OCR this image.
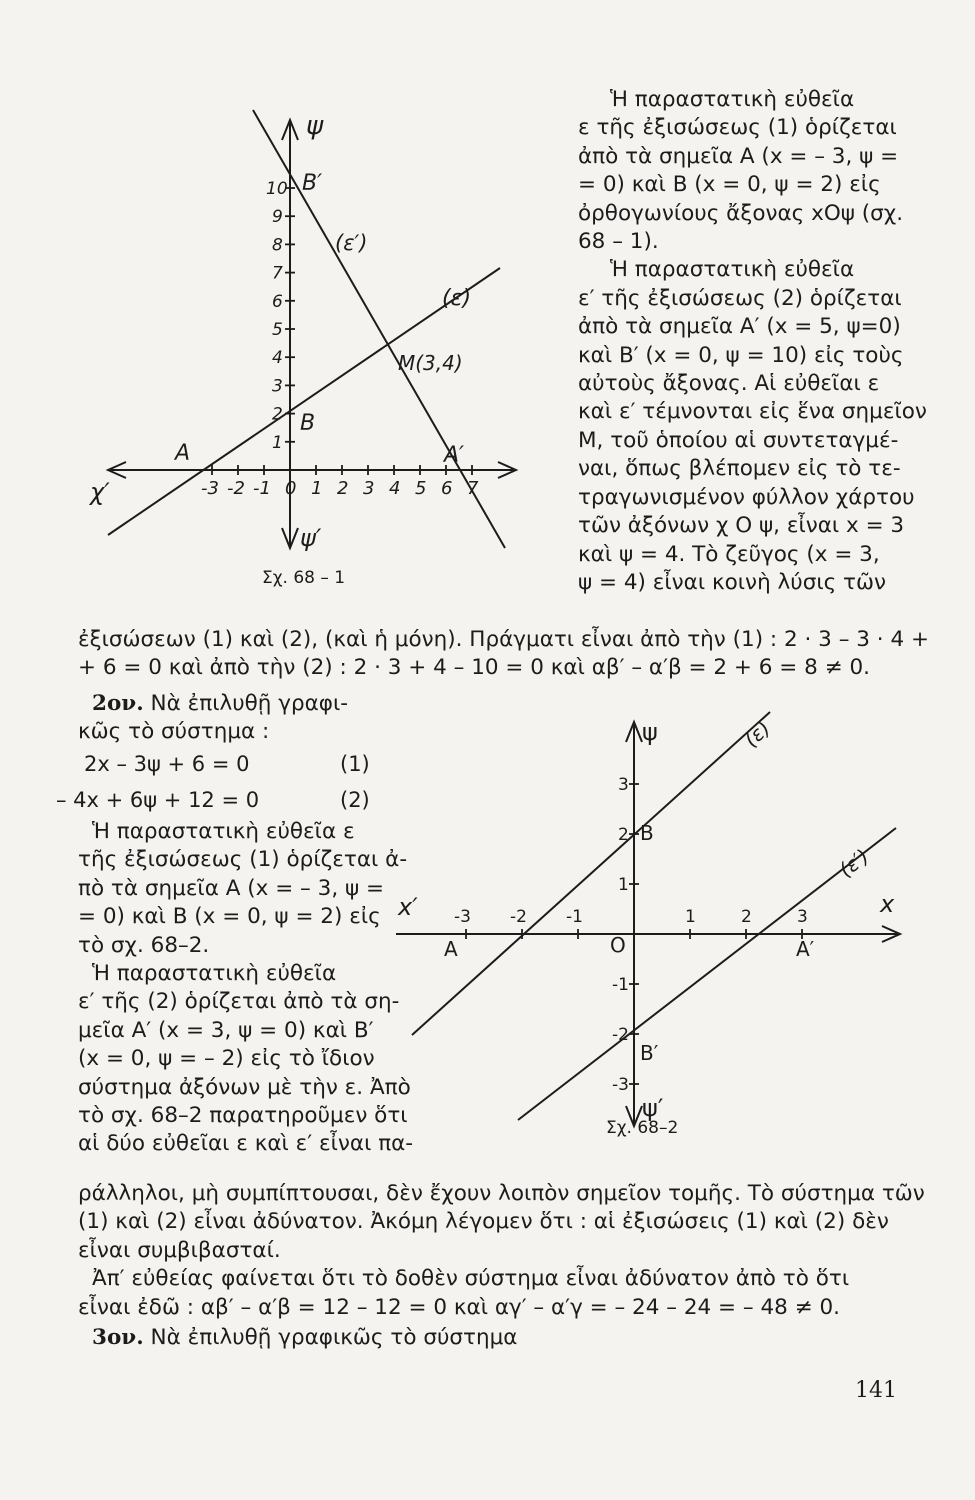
ψ
ψ′
χ′
(ε)
(ε′)
Μ(3,4)
Α	Α′
Β
Β′
-3 -2 -1 0 1 2 3 4 5 6 7
1
2
3
4
5
6
7
8
9
10
Σχ. 68 – 1
Ἡ παραστατικὴ εὐθεῖα
ε τῆς ἐξισώσεως (1) ὁρίζεται
ἀπὸ τὰ σημεῖα Α (x = – 3, ψ =
= 0) καὶ Β (x = 0, ψ = 2) εἰς
ὀρθογωνίους ἄξονας xOψ (σχ.
68 – 1).
Ἡ παραστατικὴ εὐθεῖα
ε′ τῆς ἐξισώσεως (2) ὁρίζεται
ἀπὸ τὰ σημεῖα Α′ (x = 5, ψ=0)
καὶ Β′ (x = 0, ψ = 10) εἰς τοὺς
αὐτοὺς ἄξονας. Αἱ εὐθεῖαι ε
καὶ ε′ τέμνονται εἰς ἕνα σημεῖον
Μ, τοῦ ὁποίου αἱ συντεταγμέ-
ναι, ὅπως βλέπομεν εἰς τὸ τε-
τραγωνισμένον φύλλον χάρτου
τῶν ἀξόνων χ Ο ψ, εἶναι x = 3
καὶ ψ = 4. Τὸ ζεῦγος (x = 3,
ψ = 4) εἶναι κοινὴ λύσις τῶν
ἐξισώσεων (1) καὶ (2), (καὶ ἡ μόνη). Πράγματι εἶναι ἀπὸ τὴν (1) : 2 · 3 – 3 · 4 +
+ 6 = 0 καὶ ἀπὸ τὴν (2) : 2 · 3 + 4 – 10 = 0 καὶ αβ′ – α′β = 2 + 6 = 8 ≠ 0.
2ον. Νὰ ἐπιλυθῇ γραφι-
κῶς τὸ σύστημα :
2x – 3ψ + 6 = 0	(1)
– 4x + 6ψ + 12 = 0	(2)
Ἡ παραστατικὴ εὐθεῖα ε
τῆς ἐξισώσεως (1) ὁρίζεται ἀ-
πὸ τὰ σημεῖα Α (x = – 3, ψ =
= 0) καὶ Β (x = 0, ψ = 2) εἰς
τὸ σχ. 68–2.
Ἡ παραστατικὴ εὐθεῖα
ε′ τῆς (2) ὁρίζεται ἀπὸ τὰ ση-
μεῖα Α′ (x = 3, ψ = 0) καὶ Β′
(x = 0, ψ = – 2) εἰς τὸ ἴδιον
σύστημα ἀξόνων μὲ τὴν ε. Ἀπὸ
τὸ σχ. 68–2 παρατηροῦμεν ὅτι
αἱ δύο εὐθεῖαι ε καὶ ε′ εἶναι πα-
ψ
ψ′
x
x′
(ε)
(ε′)
Ο
Α	Α′
Β
Β′
-3 -2 -1	1	2	3
1
2
3
-1
-2
-3
Σχ. 68–2
ράλληλοι, μὴ συμπίπτουσαι, δὲν ἔχουν λοιπὸν σημεῖον τομῆς. Τὸ σύστημα τῶν
(1) καὶ (2) εἶναι ἀδύνατον. Ἀκόμη λέγομεν ὅτι : αἱ ἐξισώσεις (1) καὶ (2) δὲν
εἶναι συμβιβασταί.
Ἀπ′ εὐθείας φαίνεται ὅτι τὸ δοθὲν σύστημα εἶναι ἀδύνατον ἀπὸ τὸ ὅτι
εἶναι ἐδῶ : αβ′ – α′β = 12 – 12 = 0 καὶ αγ′ – α′γ = – 24 – 24 = – 48 ≠ 0.
3ον. Νὰ ἐπιλυθῇ γραφικῶς τὸ σύστημα
141
